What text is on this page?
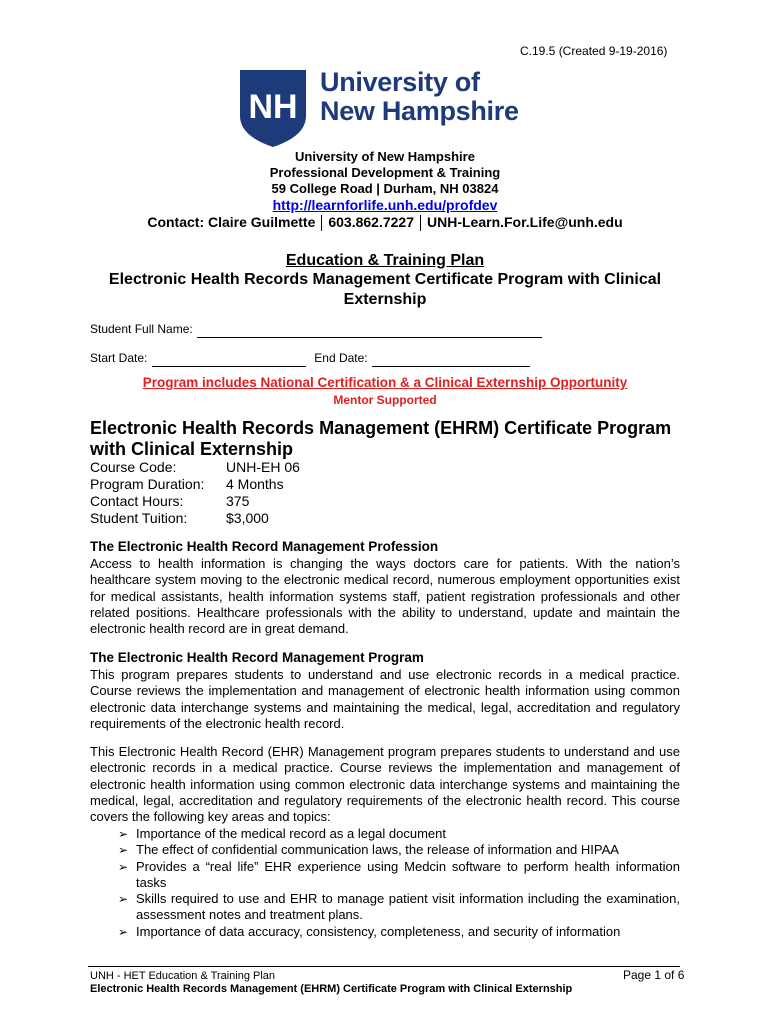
C.19.5 (Created 9-19-2016)
NH
University of
New Hampshire
University of New Hampshire
Professional Development & Training
59 College Road | Durham, NH 03824
http://learnforlife.unh.edu/profdev
Contact: Claire Guilmette 603.862.7227 UNH-Learn.For.Life@unh.edu
Education & Training Plan
Electronic Health Records Management Certificate Program with Clinical
Externship
Student Full Name:
Start Date:	End Date:
Program includes National Certification & a Clinical Externship Opportunity
Mentor Supported
Electronic Health Records Management (EHRM) Certificate Program
with Clinical Externship
Course Code:	UNH-EH 06
Program Duration:	4 Months
Contact Hours:	375
Student Tuition:	$3,000
The Electronic Health Record Management Profession
Access to health information is changing the ways doctors care for patients. With the nation’s healthcare system moving to the electronic medical record, numerous employment opportunities exist for medical assistants, health information systems staff, patient registration professionals and other related positions. Healthcare professionals with the ability to understand, update and maintain the electronic health record are in great demand.
The Electronic Health Record Management Program
This program prepares students to understand and use electronic records in a medical practice. Course reviews the implementation and management of electronic health information using common electronic data interchange systems and maintaining the medical, legal, accreditation and regulatory requirements of the electronic health record.
This Electronic Health Record (EHR) Management program prepares students to understand and use electronic records in a medical practice. Course reviews the implementation and management of electronic health information using common electronic data interchange systems and maintaining the medical, legal, accreditation and regulatory requirements of the electronic health record. This course covers the following key areas and topics:
➢ Importance of the medical record as a legal document
➢ The effect of confidential communication laws, the release of information and HIPAA
➢ Provides a “real life” EHR experience using Medcin software to perform health information tasks
➢ Skills required to use and EHR to manage patient visit information including the examination, assessment notes and treatment plans.
➢ Importance of data accuracy, consistency, completeness, and security of information
UNH - HET Education & Training Plan
Electronic Health Records Management (EHRM) Certificate Program with Clinical Externship
Page 1 of 6
